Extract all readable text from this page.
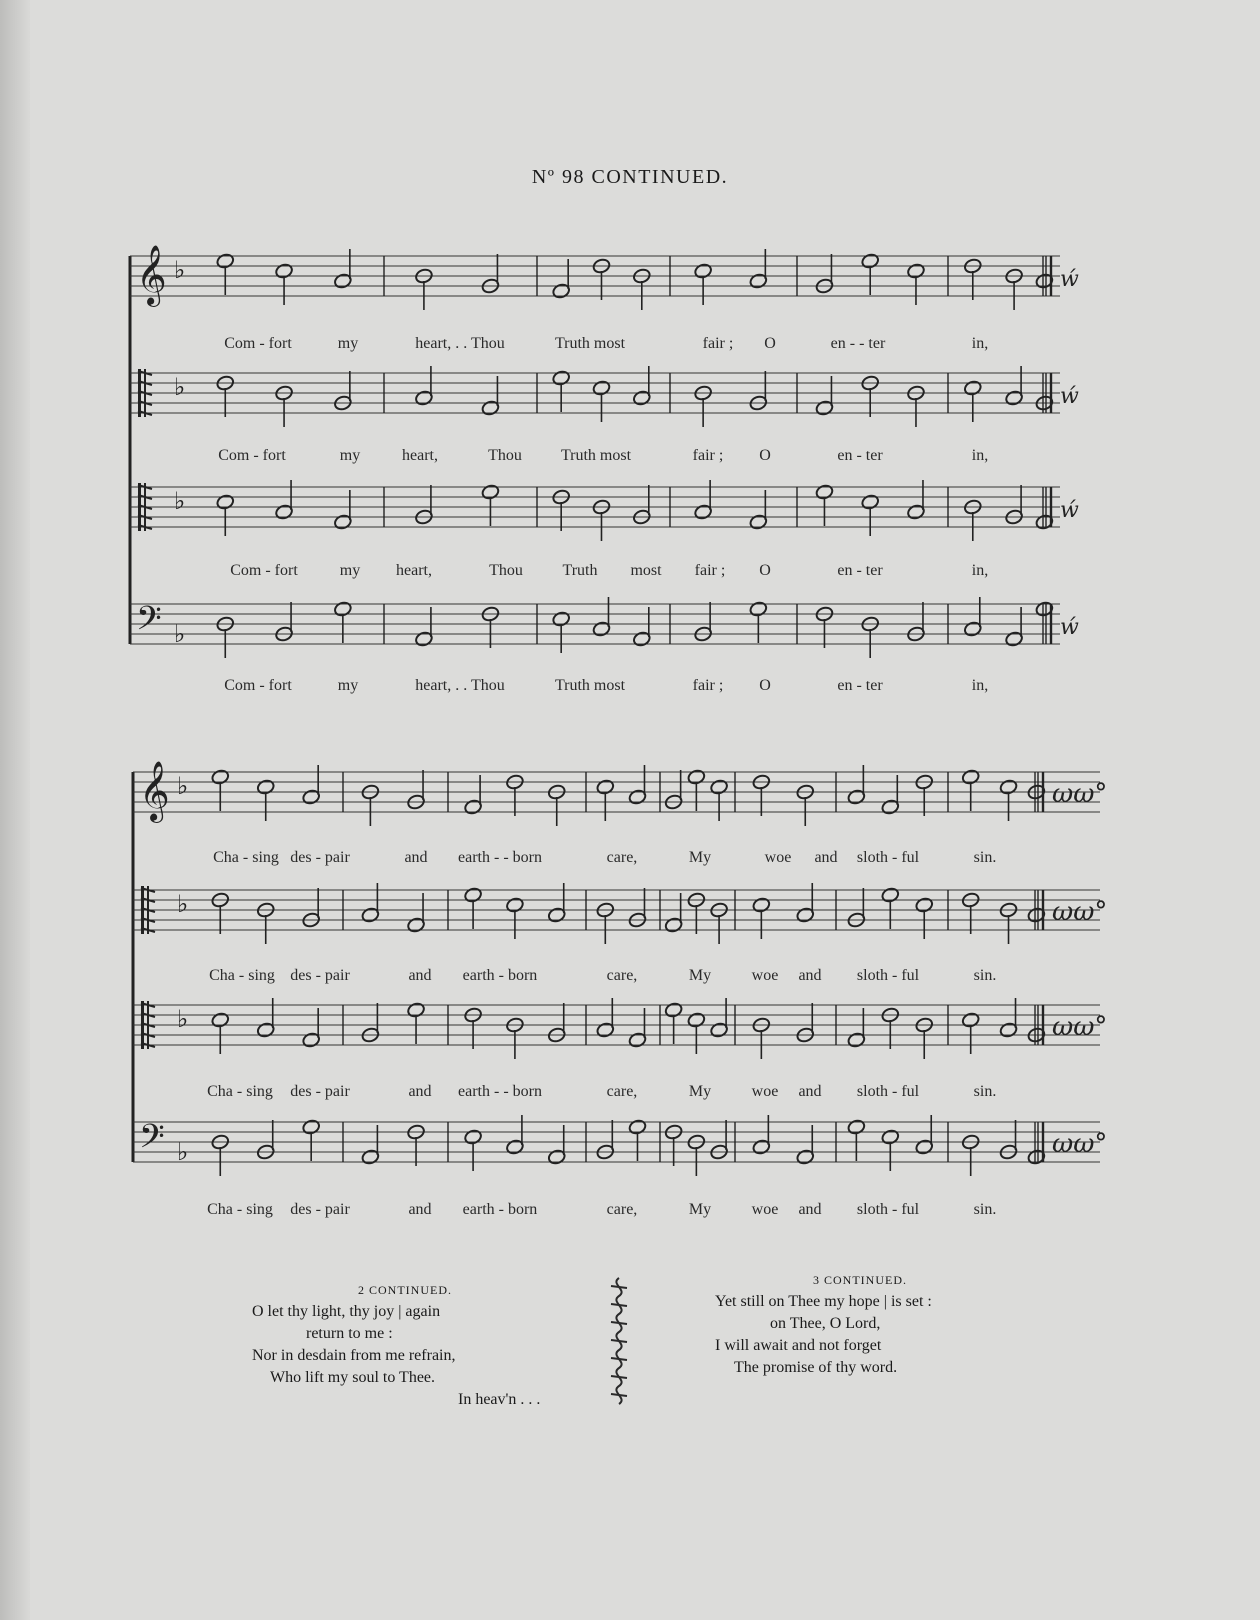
Nº 98 CONTINUED.
𝄞 ♭	ẃ
♭	ẃ
♭	ẃ
𝄢 ♭	ẃ
𝄞 ♭	ωω°
♭	ωω°
♭	ωω°
𝄢 ♭	ωω°
Com - fort	my	heart, . . Thou	Truth most	fair ; O	en - - ter	in,
Com - fort	my	heart,	Thou Truth most	fair ; O	en - ter	in,
Com - fort	my heart,	Thou Truth most fair ; O	en - ter	in,
Com - fort	my	heart, . . Thou	Truth most	fair ; O	en - ter	in,
Cha - sing des - pair	and earth - - born	care,	My	woe and sloth - ful	sin.
Cha - sing des - pair	and earth - born	care,	My	woe and sloth - ful	sin.
Cha - sing des - pair	and earth - - born	care,	My	woe and sloth - ful	sin.
Cha - sing des - pair	and earth - born	care,	My	woe and sloth - ful	sin.
2 CONTINUED.
O let thy light, thy joy | again
return to me :
Nor in desdain from me refrain,
Who lift my soul to Thee.
In heav'n . . .
3 CONTINUED.
Yet still on Thee my hope | is set :
on Thee, O Lord,
I will await and not forget
The promise of thy word.
